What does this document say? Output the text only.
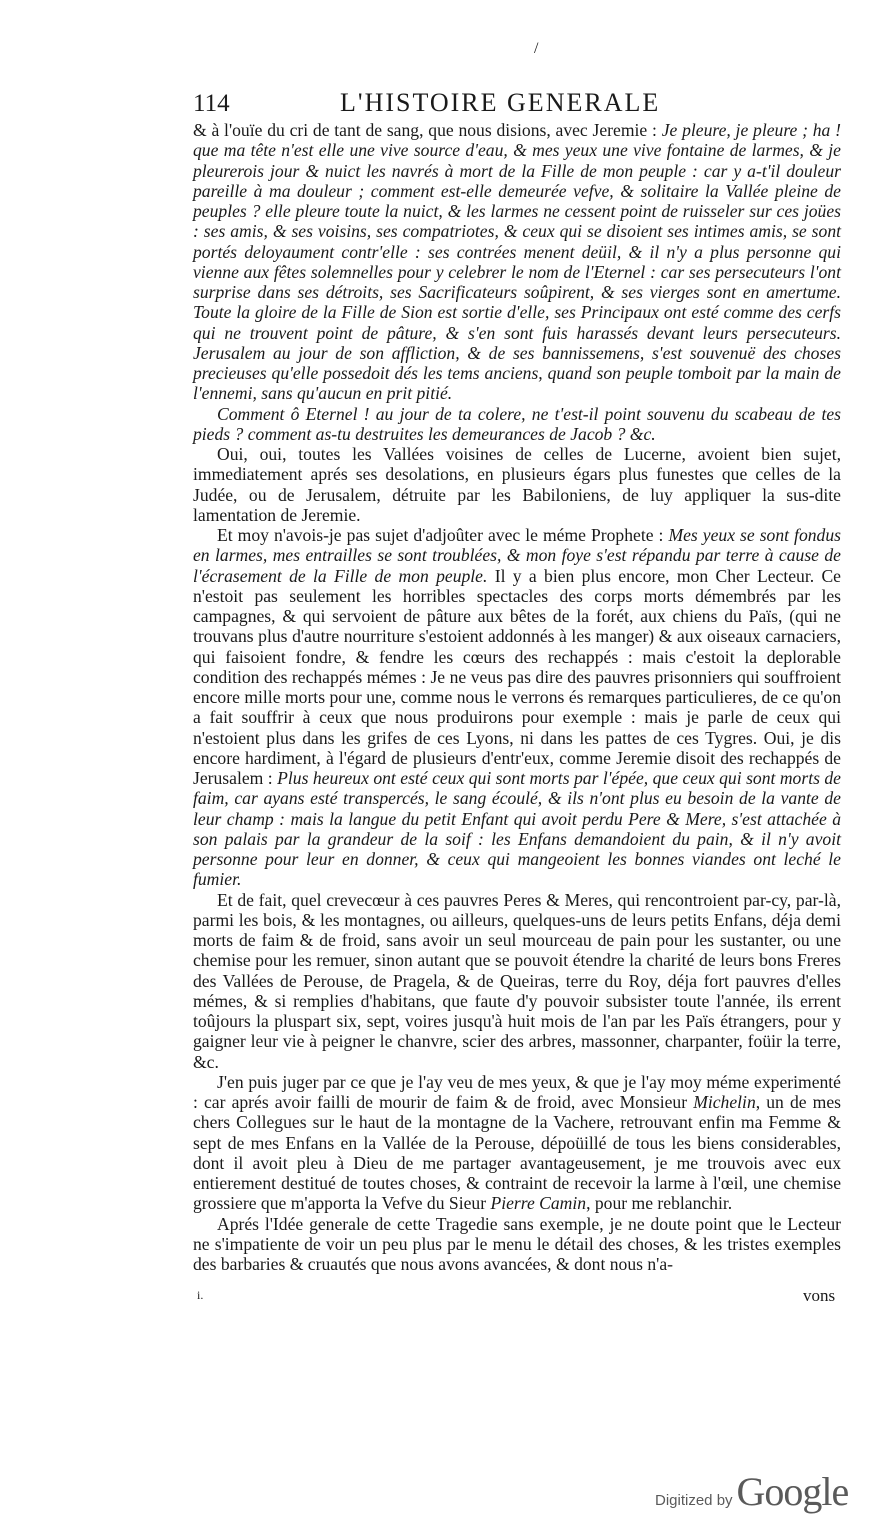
/
114	L'HISTOIRE GENERALE

& à l'ouïe du cri de tant de sang, que nous disions, avec Jeremie : Je pleure, je pleure ; ha ! que ma tête n'est elle une vive source d'eau, & mes yeux une vive fontaine de larmes, & je pleurerois jour & nuict les navrés à mort de la Fille de mon peuple : car y a-t'il douleur pareille à ma douleur ; comment est-elle demeurée vefve, & solitaire la Vallée pleine de peuples ? elle pleure toute la nuict, & les larmes ne cessent point de ruisseler sur ces joües : ses amis, & ses voisins, ses compatriotes, & ceux qui se disoient ses intimes amis, se sont portés deloyaument contr'elle : ses contrées menent deüil, & il n'y a plus personne qui vienne aux fêtes solemnelles pour y celebrer le nom de l'Eternel : car ses persecuteurs l'ont surprise dans ses détroits, ses Sacrificateurs soûpirent, & ses vierges sont en amertume. Toute la gloire de la Fille de Sion est sortie d'elle, ses Principaux ont esté comme des cerfs qui ne trouvent point de pâture, & s'en sont fuis harassés devant leurs persecuteurs. Jerusalem au jour de son affliction, & de ses bannissemens, s'est souvenuë des choses precieuses qu'elle possedoit dés les tems anciens, quand son peuple tomboit par la main de l'ennemi, sans qu'aucun en prit pitié.

Comment ô Eternel ! au jour de ta colere, ne t'est-il point souvenu du scabeau de tes pieds ? comment as-tu destruites les demeurances de Jacob ? &c.

Oui, oui, toutes les Vallées voisines de celles de Lucerne, avoient bien sujet, immediatement aprés ses desolations, en plusieurs égars plus funestes que celles de la Judée, ou de Jerusalem, détruite par les Babiloniens, de luy appliquer la sus-dite lamentation de Jeremie.

Et moy n'avois-je pas sujet d'adjoûter avec le méme Prophete : Mes yeux se sont fondus en larmes, mes entrailles se sont troublées, & mon foye s'est répandu par terre à cause de l'écrasement de la Fille de mon peuple. Il y a bien plus encore, mon Cher Lecteur. Ce n'estoit pas seulement les horribles spectacles des corps morts démembrés par les campagnes, & qui servoient de pâture aux bêtes de la forét, aux chiens du Païs, (qui ne trouvans plus d'autre nourriture s'estoient addonnés à les manger) & aux oiseaux carnaciers, qui faisoient fondre, & fendre les cœurs des rechappés : mais c'estoit la deplorable condition des rechappés mémes : Je ne veus pas dire des pauvres prisonniers qui souffroient encore mille morts pour une, comme nous le verrons és remarques particulieres, de ce qu'on a fait souffrir à ceux que nous produirons pour exemple : mais je parle de ceux qui n'estoient plus dans les grifes de ces Lyons, ni dans les pattes de ces Tygres. Oui, je dis encore hardiment, à l'égard de plusieurs d'entr'eux, comme Jeremie disoit des rechappés de Jerusalem : Plus heureux ont esté ceux qui sont morts par l'épée, que ceux qui sont morts de faim, car ayans esté transpercés, le sang écoulé, & ils n'ont plus eu besoin de la vante de leur champ : mais la langue du petit Enfant qui avoit perdu Pere & Mere, s'est attachée à son palais par la grandeur de la soif : les Enfans demandoient du pain, & il n'y avoit personne pour leur en donner, & ceux qui mangeoient les bonnes viandes ont leché le fumier.

Et de fait, quel crevecœur à ces pauvres Peres & Meres, qui rencontroient par-cy, par-là, parmi les bois, & les montagnes, ou ailleurs, quelques-uns de leurs petits Enfans, déja demi morts de faim & de froid, sans avoir un seul mourceau de pain pour les sustanter, ou une chemise pour les remuer, sinon autant que se pouvoit étendre la charité de leurs bons Freres des Vallées de Perouse, de Pragela, & de Queiras, terre du Roy, déja fort pauvres d'elles mémes, & si remplies d'habitans, que faute d'y pouvoir subsister toute l'année, ils errent toûjours la pluspart six, sept, voires jusqu'à huit mois de l'an par les Païs étrangers, pour y gaigner leur vie à peigner le chanvre, scier des arbres, massonner, charpanter, foüir la terre, &c.

J'en puis juger par ce que je l'ay veu de mes yeux, & que je l'ay moy méme experimenté : car aprés avoir failli de mourir de faim & de froid, avec Monsieur Michelin, un de mes chers Collegues sur le haut de la montagne de la Vachere, retrouvant enfin ma Femme & sept de mes Enfans en la Vallée de la Perouse, dépoüillé de tous les biens considerables, dont il avoit pleu à Dieu de me partager avantageusement, je me trouvois avec eux entierement destitué de toutes choses, & contraint de recevoir la larme à l'œil, une chemise grossiere que m'apporta la Vefve du Sieur Pierre Camin, pour me reblanchir.

Aprés l'Idée generale de cette Tragedie sans exemple, je ne doute point que le Lecteur ne s'impatiente de voir un peu plus par le menu le détail des choses, & les tristes exemples des barbaries & cruautés que nous avons avancées, & dont nous n'a-

i.	vons
Digitized by Google
